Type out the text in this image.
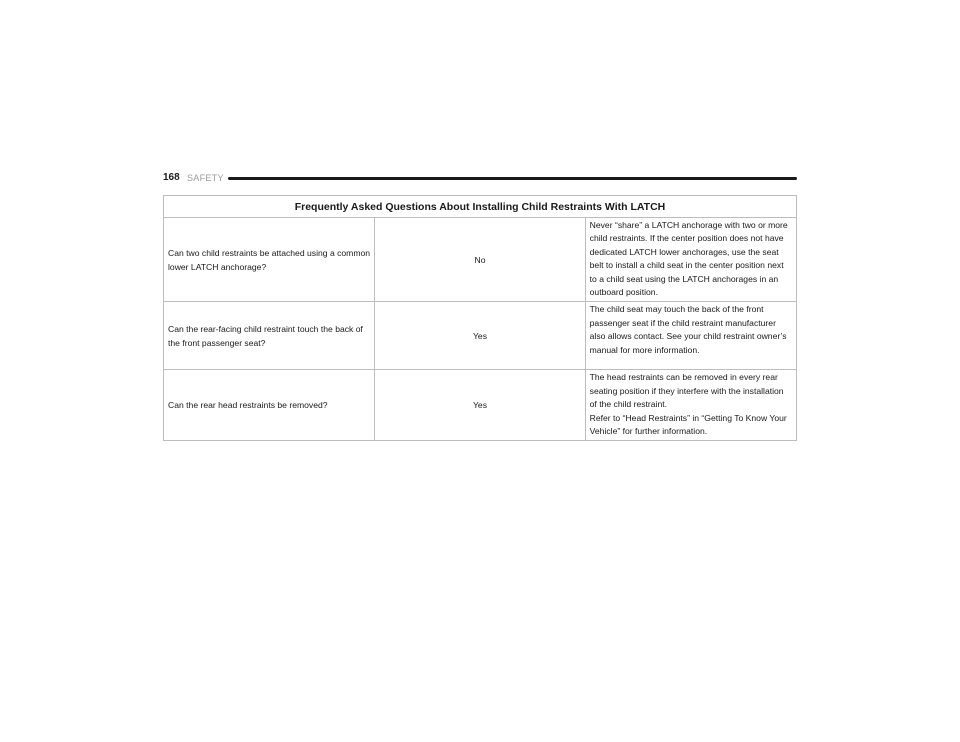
168 SAFETY
Frequently Asked Questions About Installing Child Restraints With LATCH		
Can two child restraints be attached using a common lower LATCH anchorage?	No	Never “share” a LATCH anchorage with two or more child restraints. If the center position does not have dedicated LATCH lower anchorages, use the seat belt to install a child seat in the center position next to a child seat using the LATCH anchorages in an outboard position.

Can the rear-facing child restraint touch the back of the front passenger seat?	Yes	The child seat may touch the back of the front passenger seat if the child restraint manufacturer also allows contact. See your child restraint owner’s manual for more information.

Can the rear head restraints be removed?	Yes	The head restraints can be removed in every rear seating position if they interfere with the installation of the child restraint.
Refer to “Head Restraints” in “Getting To Know Your Vehicle” for further information.
